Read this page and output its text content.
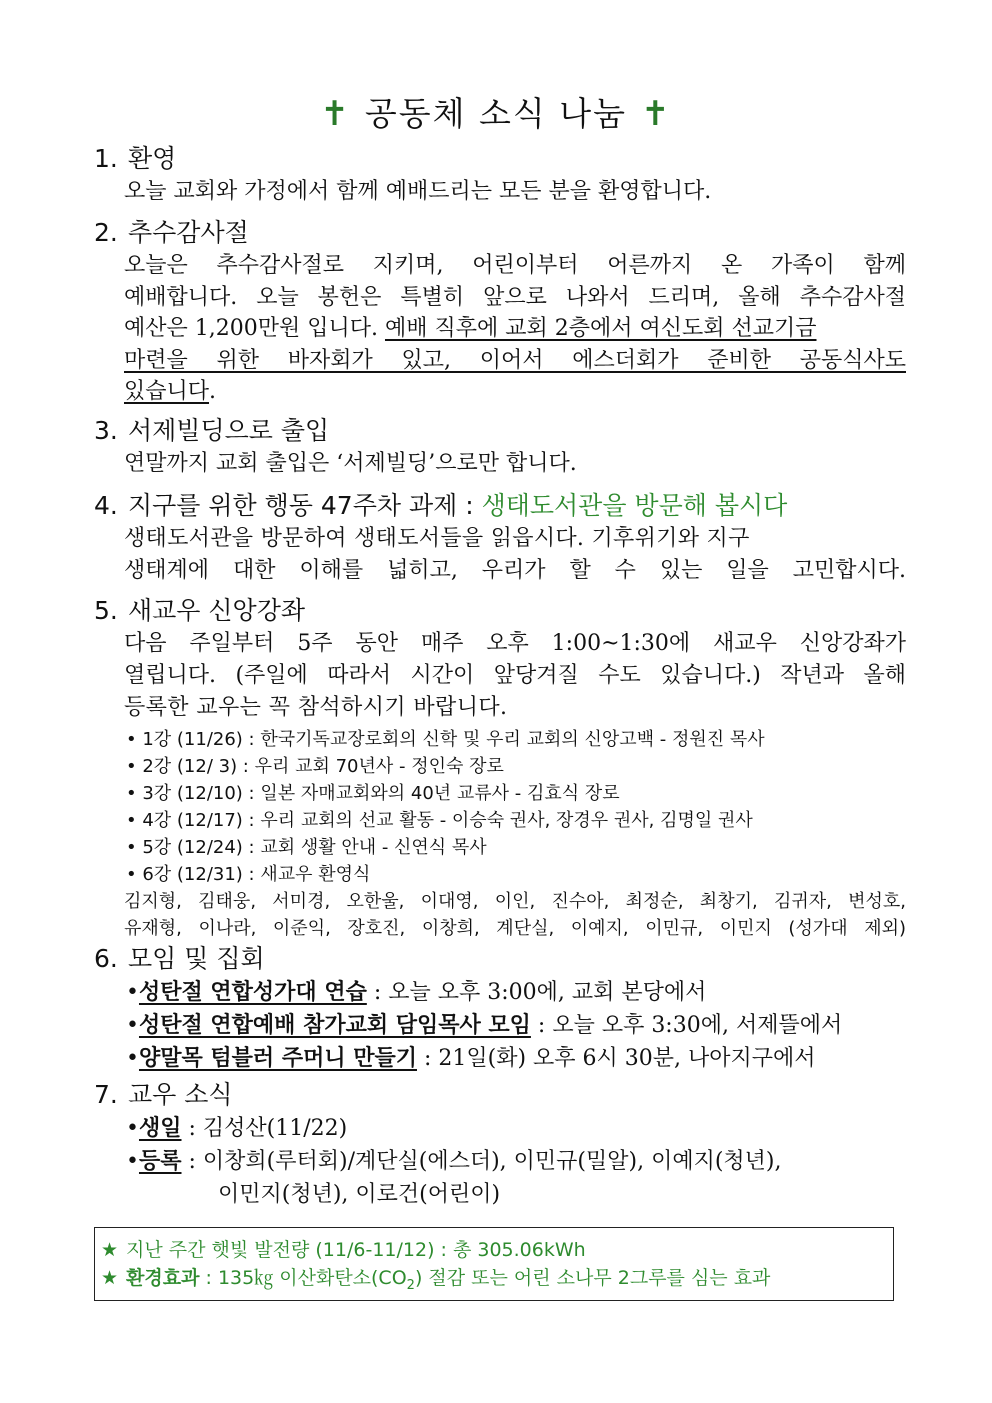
✝ 공동체 소식 나눔 ✝
1. 환영
오늘 교회와 가정에서 함께 예배드리는 모든 분을 환영합니다.
2. 추수감사절
오늘은 추수감사절로 지키며, 어린이부터 어른까지 온 가족이 함께
예배합니다. 오늘 봉헌은 특별히 앞으로 나와서 드리며, 올해 추수감사절
예산은 1,200만원 입니다. 예배 직후에 교회 2층에서 여신도회 선교기금
마련을 위한 바자회가 있고, 이어서 에스더회가 준비한 공동식사도
있습니다.
3. 서제빌딩으로 출입
연말까지 교회 출입은 ‘서제빌딩’으로만 합니다.
4. 지구를 위한 행동 47주차 과제 : 생태도서관을 방문해 봅시다
생태도서관을 방문하여 생태도서들을 읽읍시다. 기후위기와 지구
생태계에 대한 이해를 넓히고, 우리가 할 수 있는 일을 고민합시다.
5. 새교우 신앙강좌
다음 주일부터 5주 동안 매주 오후 1:00~1:30에 새교우 신앙강좌가
열립니다. (주일에 따라서 시간이 앞당겨질 수도 있습니다.) 작년과 올해
등록한 교우는 꼭 참석하시기 바랍니다.
• 1강 (11/26) : 한국기독교장로회의 신학 및 우리 교회의 신앙고백 - 정원진 목사
• 2강 (12/ 3) : 우리 교회 70년사 - 정인숙 장로
• 3강 (12/10) : 일본 자매교회와의 40년 교류사 - 김효식 장로
• 4강 (12/17) : 우리 교회의 선교 활동 - 이승숙 권사, 장경우 권사, 김명일 권사
• 5강 (12/24) : 교회 생활 안내 - 신연식 목사
• 6강 (12/31) : 새교우 환영식
김지형, 김태웅, 서미경, 오한울, 이대영, 이인, 진수아, 최정순, 최창기, 김귀자, 변성호,
유재형, 이나라, 이준익, 장호진, 이창희, 계단실, 이예지, 이민규, 이민지 (성가대 제외)
6. 모임 및 집회
•성탄절 연합성가대 연습 : 오늘 오후 3:00에, 교회 본당에서
•성탄절 연합예배 참가교회 담임목사 모임 : 오늘 오후 3:30에, 서제뜰에서
•양말목 텀블러 주머니 만들기 : 21일(화) 오후 6시 30분, 나아지구에서
7. 교우 소식
•생일 : 김성산(11/22)
•등록 : 이창희(루터회)/계단실(에스더), 이민규(밀알), 이예지(청년),
이민지(청년), 이로건(어린이)
★ 지난 주간 햇빛 발전량 (11/6-11/12) : 총 305.06kWh
★ 환경효과 : 135㎏ 이산화탄소$(CO_2)$ 절감 또는 어린 소나무 2그루를 심는 효과
